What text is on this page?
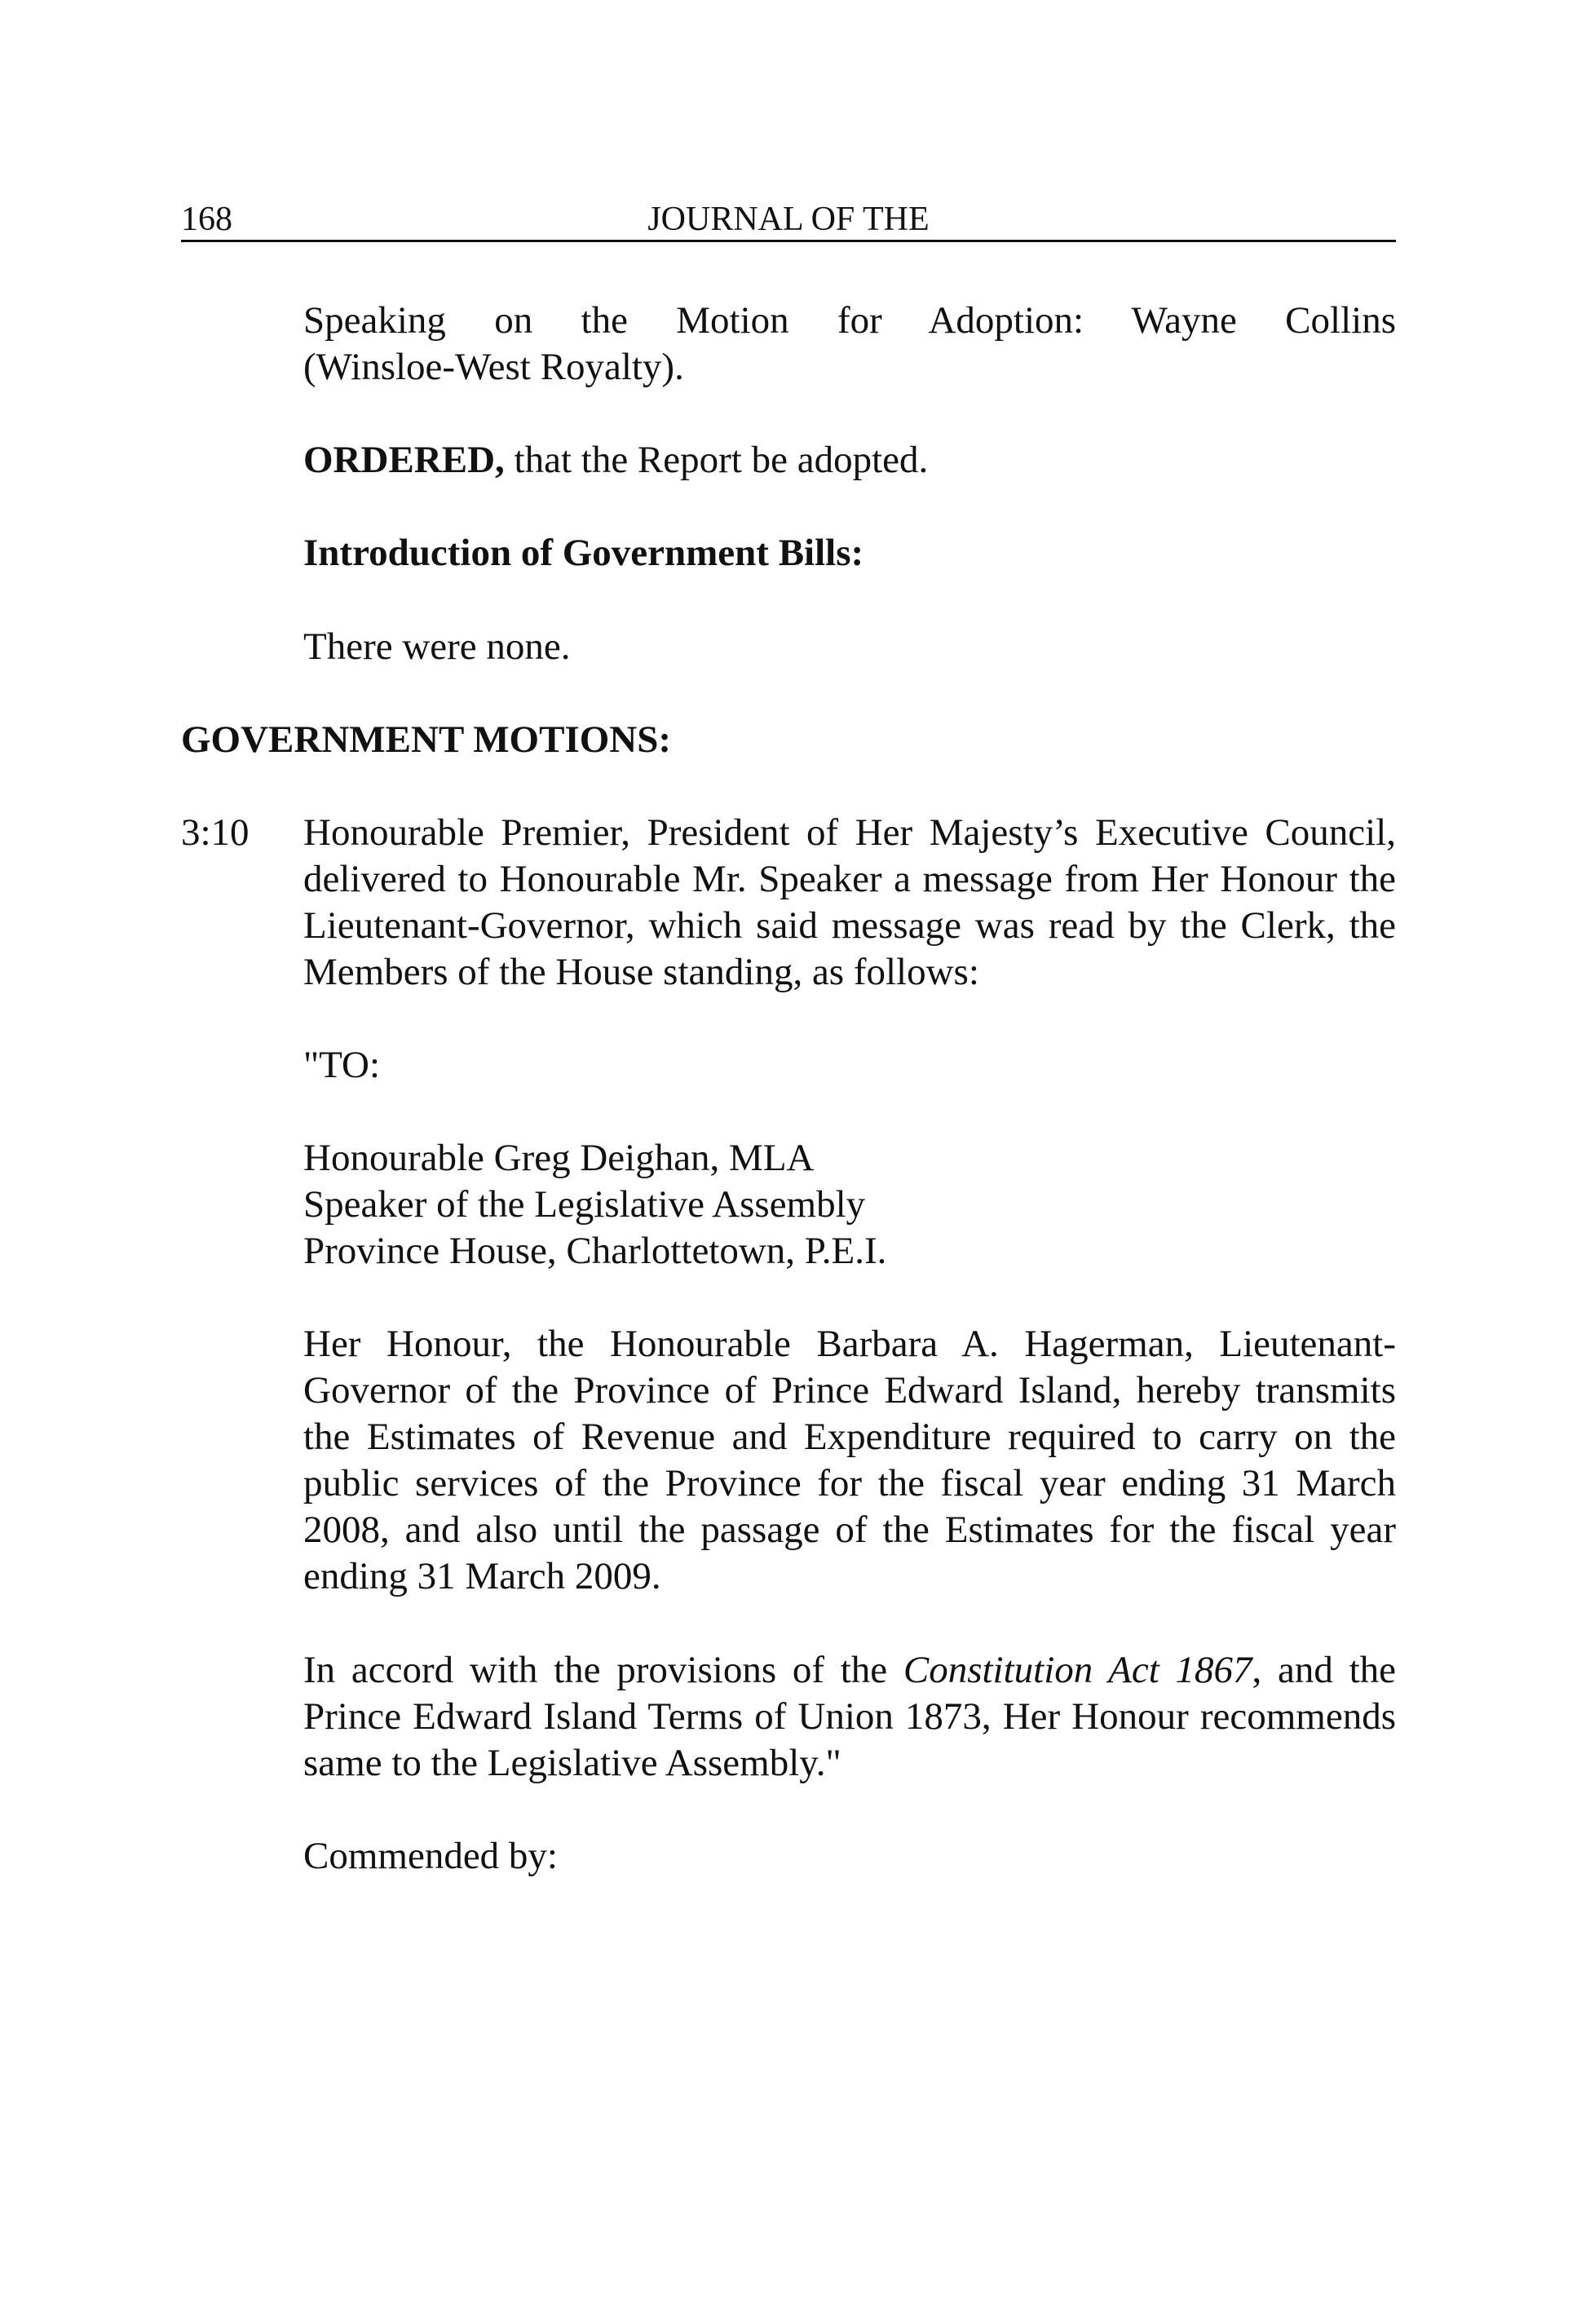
168	JOURNAL OF THE
Speaking on the Motion for Adoption: Wayne Collins
(Winsloe-West Royalty).
ORDERED, that the Report be adopted.
Introduction of Government Bills:
There were none.
GOVERNMENT MOTIONS:
3:10 Honourable Premier, President of Her Majesty’s Executive Council, delivered to Honourable Mr. Speaker a message from Her Honour the Lieutenant-Governor, which said message was read by the Clerk, the Members of the House standing, as follows:
"TO:
Honourable Greg Deighan, MLA
Speaker of the Legislative Assembly
Province House, Charlottetown, P.E.I.
Her Honour, the Honourable Barbara A. Hagerman, Lieutenant-Governor of the Province of Prince Edward Island, hereby transmits the Estimates of Revenue and Expenditure required to carry on the public services of the Province for the fiscal year ending 31 March 2008, and also until the passage of the Estimates for the fiscal year ending 31 March 2009.
In accord with the provisions of the Constitution Act 1867, and the Prince Edward Island Terms of Union 1873, Her Honour recommends same to the Legislative Assembly."
Commended by:
